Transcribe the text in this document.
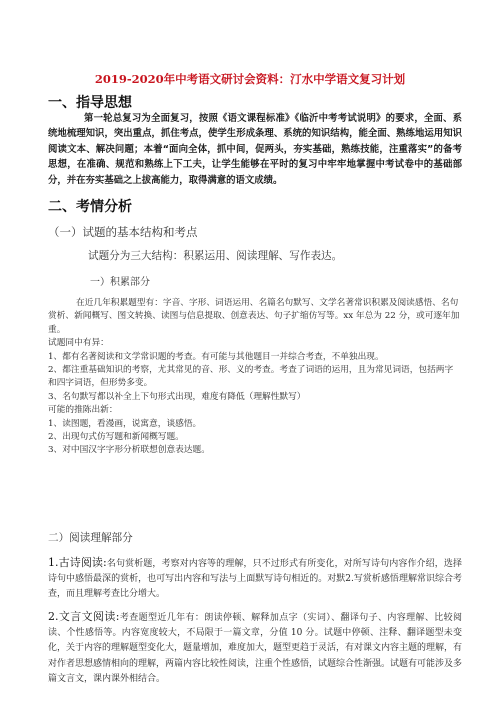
2019-2020年中考语文研讨会资料：汀水中学语文复习计划
一、指导思想

第一轮总复习为全面复习，按照《语文课程标准》《临沂中考考试说明》的要求，全面、系统地梳理知识，突出重点，抓住考点，使学生形成条理、系统的知识结构，能全面、熟练地运用知识阅读文本、解决问题；本着“面向全体，抓中间，促两头，夯实基础，熟练技能，注重落实”的备考思想，在准确、规范和熟练上下工夫，让学生能够在平时的复习中牢牢地掌握中考试卷中的基础部分，并在夯实基础之上拔高能力，取得满意的语文成绩。

二、考情分析
（一）试题的基本结构和考点
试题分为三大结构：积累运用、阅读理解、写作表达。
一）积累部分
在近几年积累题型有：字音、字形、词语运用、名篇名句默写、文学名著常识积累及阅读感悟、名句赏析、新闻概写、图文转换、读图与信息提取、创意表达、句子扩缩仿写等。xx 年总为 22 分，或可逐年加重。
试题同中有异：
1、都有名著阅读和文学常识题的考查。有可能与其他题目一并综合考查，不单独出现。
2、都注重基础知识的考察，尤其常见的音、形、义的考查。考查了词语的运用，且为常见词语，包括两字和四字词语，但形势多变。
3、名句默写都以补全上下句形式出现，难度有降低（理解性默写）
可能的推陈出新：
1、读图题，看漫画，说寓意，谈感悟。
2、出现句式仿写题和新闻概写题。
3、对中国汉字字形分析联想创意表达题。
二）阅读理解部分
1.古诗阅读:名句赏析题，考察对内容等的理解，只不过形式有所变化，对所写诗句内容作介绍，选择诗句中感悟最深的赏析，也可写出内容和写法与上面默写诗句相近的。对默2.写赏析感悟理解常识综合考查，而且理解考查比分增大。
2.文言文阅读:考查题型近几年有：朗读停顿、解释加点字（实词）、翻译句子、内容理解、比较阅读、个性感悟等。内容宽度较大，不局限于一篇文章，分值 10 分。试题中停顿、注释、翻译题型未变化，关于内容的理解题型变化大，题量增加，难度加大，题型更趋于灵活，有对课文内容主题的理解，有对作者思想感情相向的理解，两篇内容比较性阅读，注重个性感悟，试题综合性渐强。试题有可能涉及多篇文言文，课内课外相结合。
